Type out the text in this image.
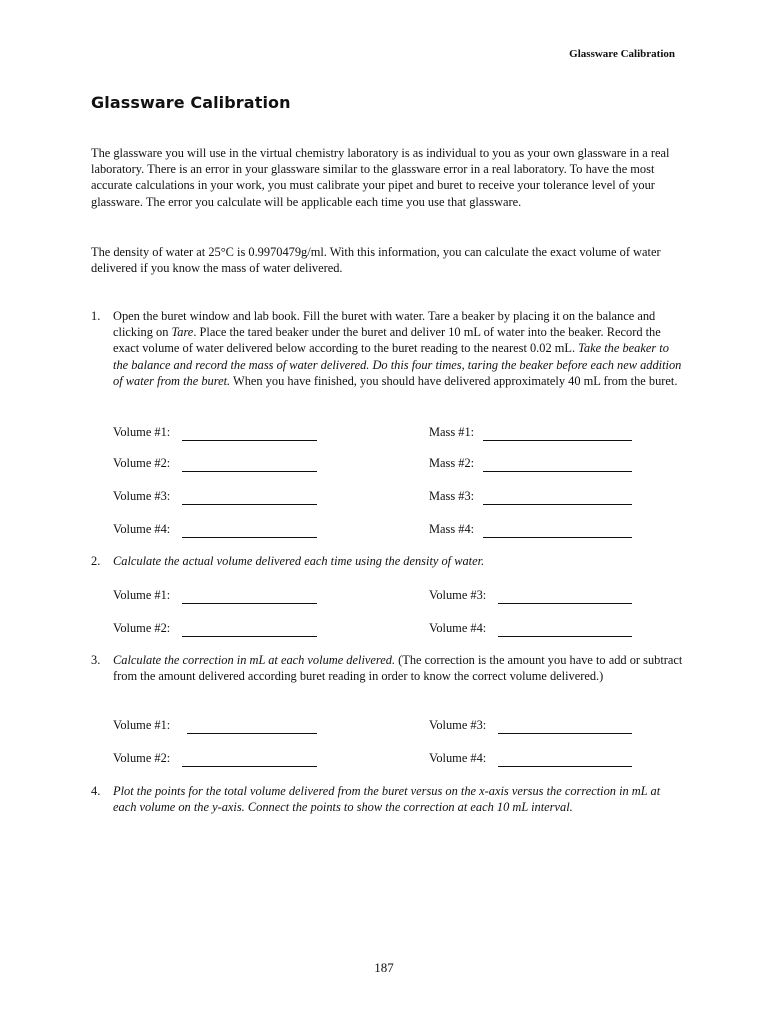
Glassware Calibration
Glassware Calibration

The glassware you will use in the virtual chemistry laboratory is as individual to you as your own glassware in a real laboratory. There is an error in your glassware similar to the glassware error in a real laboratory. To have the most accurate calculations in your work, you must calibrate your pipet and buret to receive your tolerance level of your glassware. The error you calculate will be applicable each time you use that glassware.

The density of water at 25°C is 0.9970479g/ml. With this information, you can calculate the exact volume of water delivered if you know the mass of water delivered.

1. Open the buret window and lab book. Fill the buret with water. Tare a beaker by placing it on the balance and clicking on Tare. Place the tared beaker under the buret and deliver 10 mL of water into the beaker. Record the exact volume of water delivered below according to the buret reading to the nearest 0.02 mL. Take the beaker to the balance and record the mass of water delivered. Do this four times, taring the beaker before each new addition of water from the buret. When you have finished, you should have delivered approximately 40 mL from the buret.

Volume #1:	Mass #1:
Volume #2:	Mass #2:
Volume #3:	Mass #3:
Volume #4:	Mass #4:
2. Calculate the actual volume delivered each time using the density of water.

Volume #1:	Volume #3:
Volume #2:	Volume #4:
3. Calculate the correction in mL at each volume delivered. (The correction is the amount you have to add or subtract from the amount delivered according buret reading in order to know the correct volume delivered.)

Volume #1:	Volume #3:
Volume #2:	Volume #4:
4. Plot the points for the total volume delivered from the buret versus on the x-axis versus the correction in mL at each volume on the y-axis. Connect the points to show the correction at each 10 mL interval.

187
